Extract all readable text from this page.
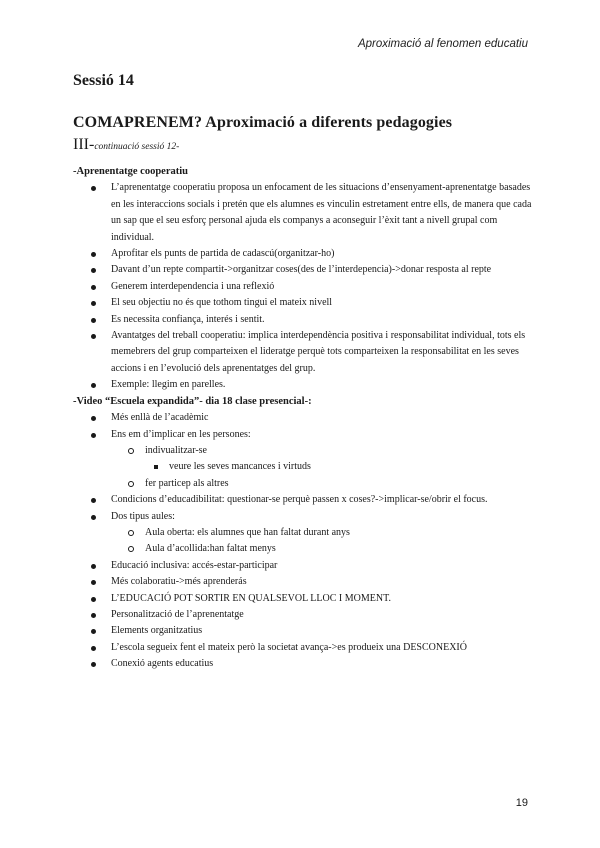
Aproximació al fenomen educatiu
Sessió 14
COMAPRENEM? Aproximació a diferents pedagogies
III-continuació sessió 12-
-Aprenentatge cooperatiu
L’aprenentatge cooperatiu proposa un enfocament de les situacions d’ensenyament-aprenentatge basades en les interaccions socials i pretén que els alumnes es vinculin estretament entre ells, de manera que cada un sap que el seu esforç personal ajuda els companys a aconseguir l’èxit tant a nivell grupal com individual.
Aprofitar els punts de partida de cadascú(organitzar-ho)
Davant d’un repte compartit->organitzar coses(des de l’interdepencia)->donar resposta al repte
Generem interdependencia i una reflexió
El seu objectiu no és que tothom tingui el mateix nivell
Es necessita confiança, interés i sentit.
Avantatges del treball cooperatiu: implica interdependència positiva i responsabilitat individual, tots els memebrers del grup comparteixen el lideratge perquè tots comparteixen la responsabilitat en les seves accions i en l’evolució dels aprenentatges del grup.
Exemple: llegim en parelles.
-Video “Escuela expandida”- dia 18 clase presencial-:
Més enllà de l’acadèmic
Ens em d’implicar en les persones:
indivualitzar-se
veure les seves mancances i virtuds
fer particep als altres
Condicions d’educadibilitat: questionar-se perquè passen x coses?->implicar-se/obrir el focus.
Dos tipus aules:
Aula oberta: els alumnes que han faltat durant anys
Aula d’acollida:han faltat menys
Educació inclusiva: accés-estar-participar
Més colaboratiu->més aprenderás
L’EDUCACIÓ POT SORTIR EN QUALSEVOL LLOC I MOMENT.
Personalització de l’aprenentatge
Elements organitzatius
L’escola segueix fent el mateix però la societat avança->es produeix una DESCONEXIÓ
Conexió agents educatius
19
